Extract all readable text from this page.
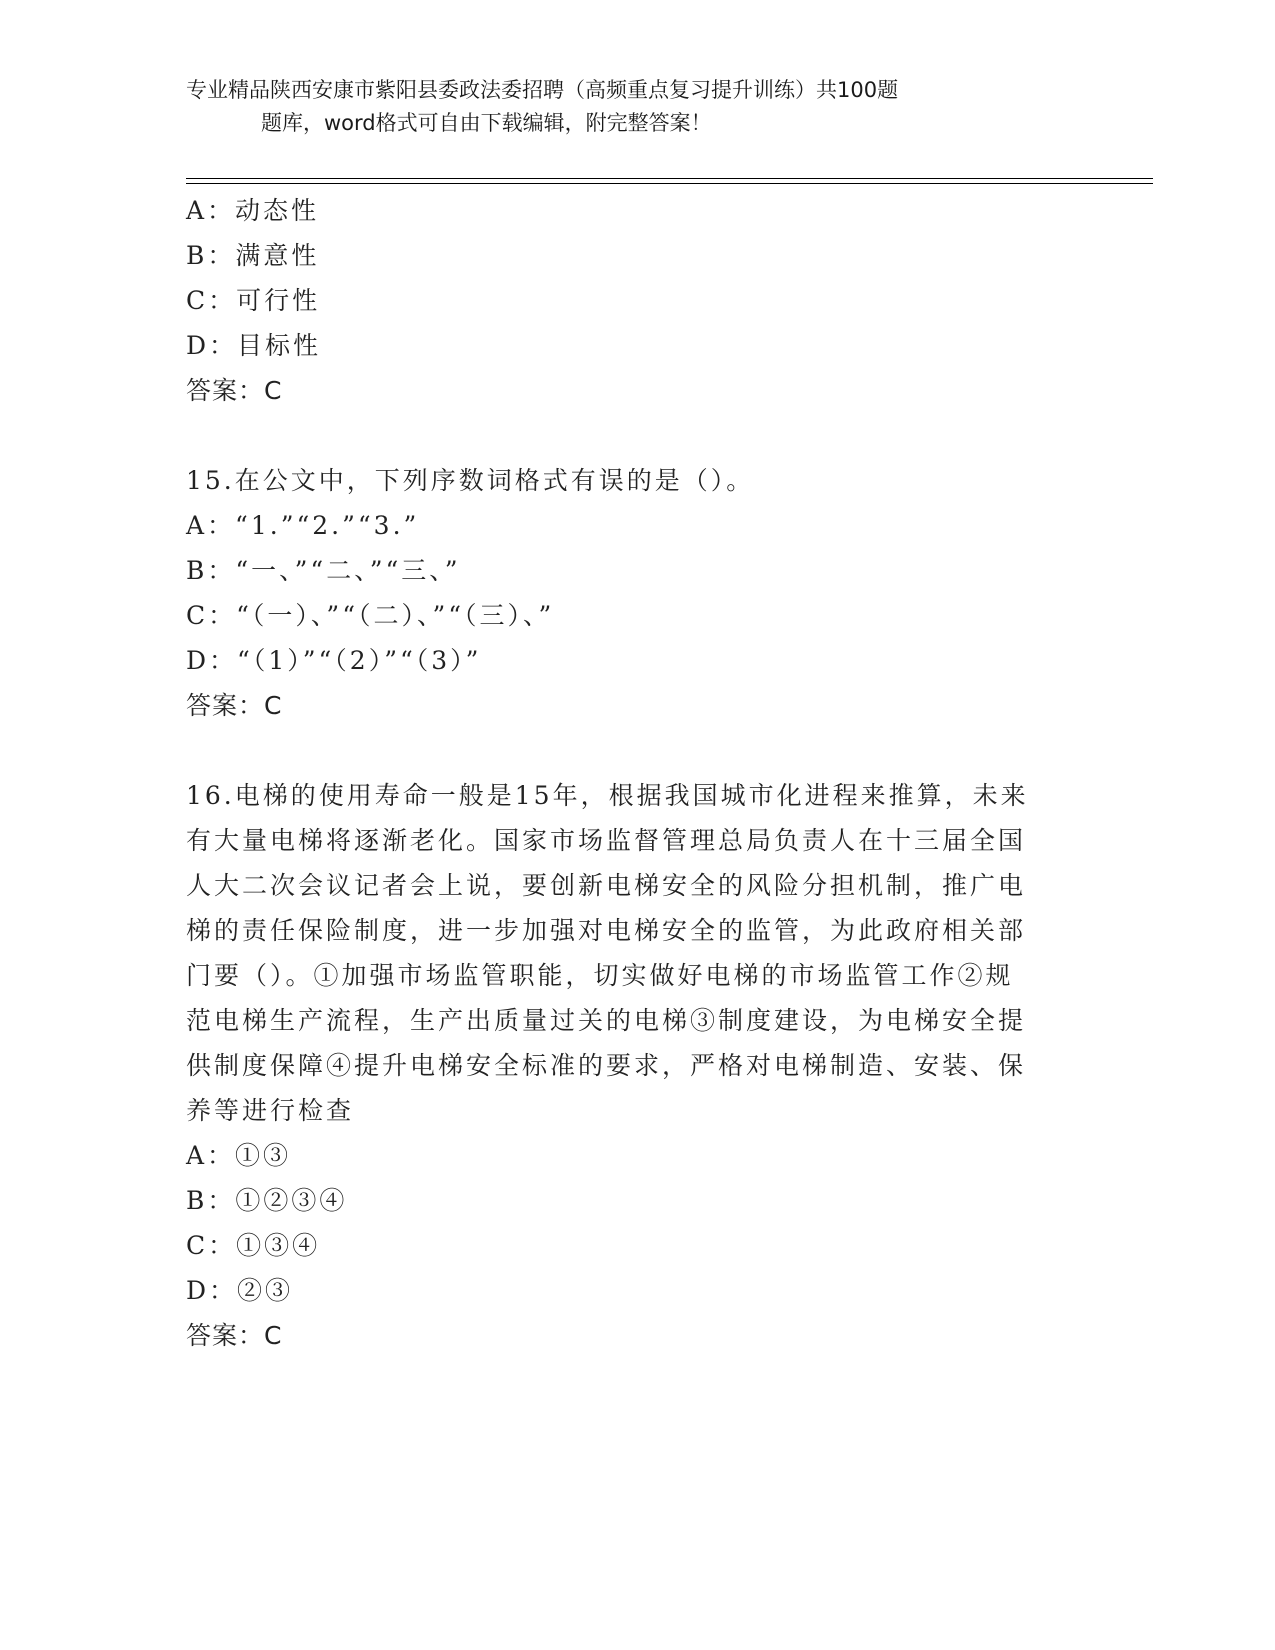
专业精品陕西安康市紫阳县委政法委招聘（高频重点复习提升训练）共100题
题库，word格式可自由下载编辑，附完整答案！
A：动态性
B：满意性
C：可行性
D：目标性
答案：C
15.在公文中，下列序数词格式有误的是（）。
A：“1.”“2.”“3.”
B：“一、”“二、”“三、”
C：“（一）、”“（二）、”“（三）、”
D：“（1）”“（2）”“（3）”
答案：C
16.电梯的使用寿命一般是15年，根据我国城市化进程来推算，未来
有大量电梯将逐渐老化。国家市场监督管理总局负责人在十三届全国
人大二次会议记者会上说，要创新电梯安全的风险分担机制，推广电
梯的责任保险制度，进一步加强对电梯安全的监管，为此政府相关部
门要（）。①加强市场监管职能，切实做好电梯的市场监管工作②规
范电梯生产流程，生产出质量过关的电梯③制度建设，为电梯安全提
供制度保障④提升电梯安全标准的要求，严格对电梯制造、安装、保
养等进行检查
A：①③
B：①②③④
C：①③④
D：②③
答案：C
